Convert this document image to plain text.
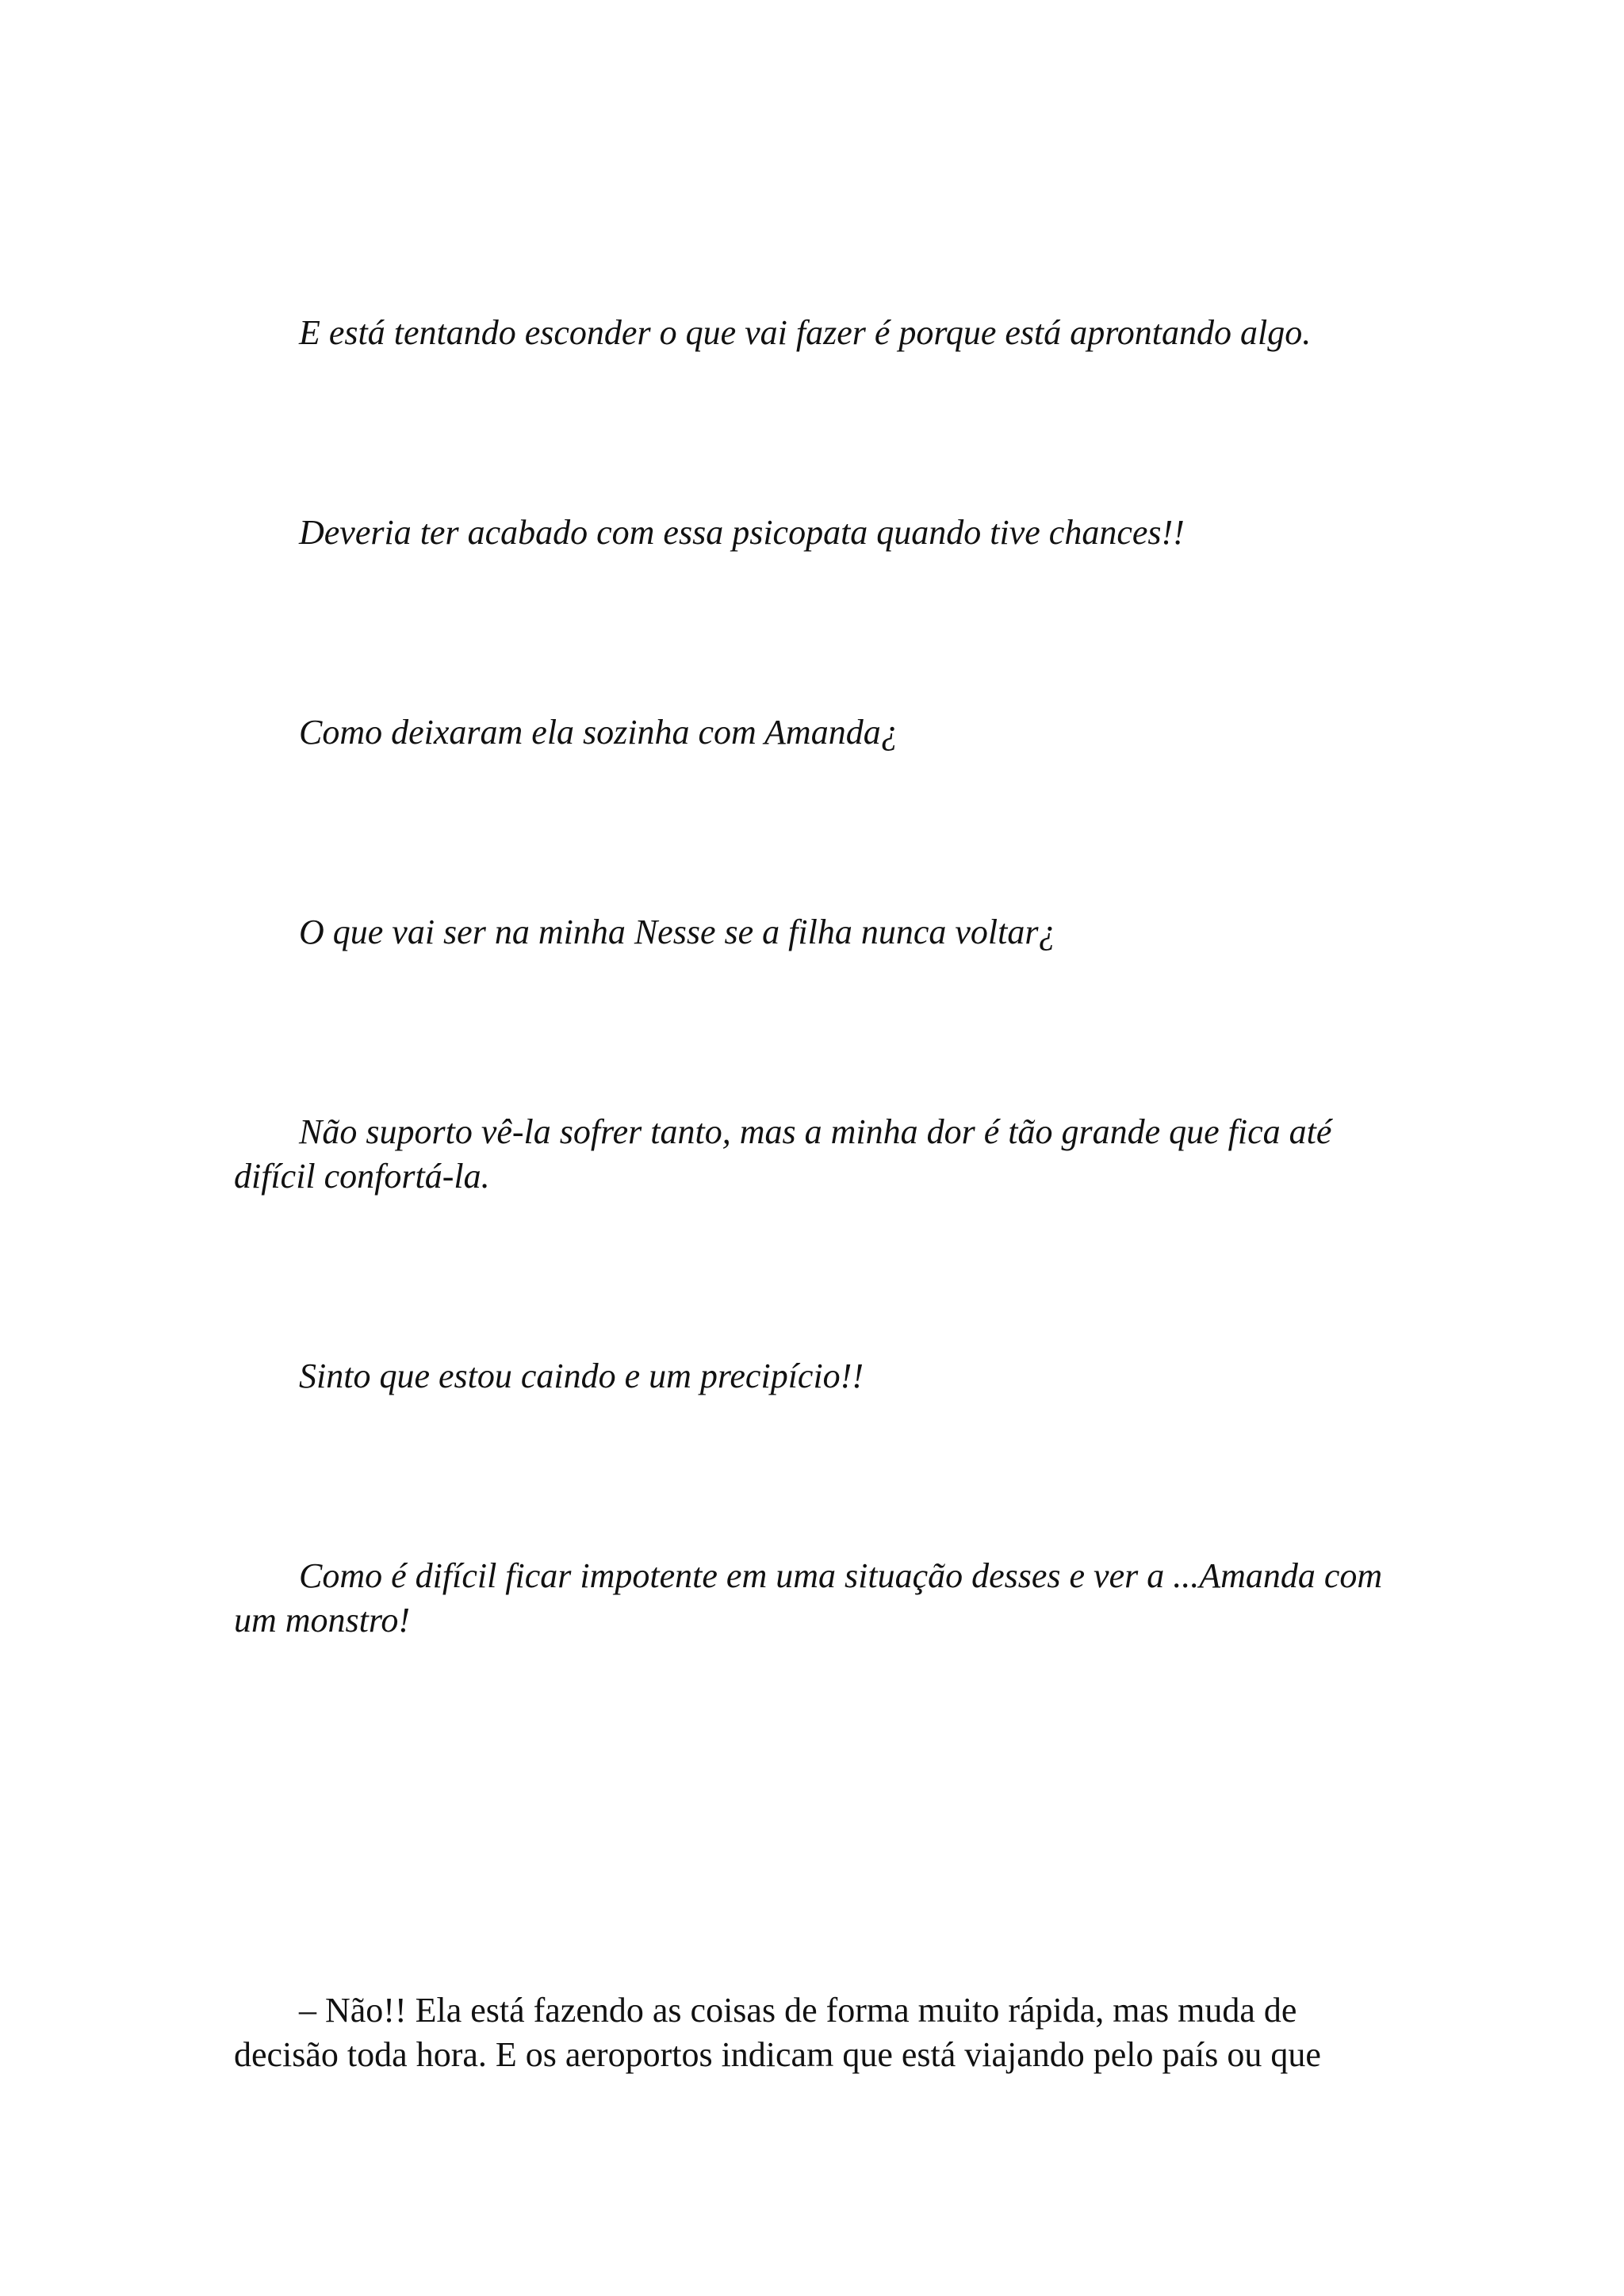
E está tentando esconder o que vai fazer é porque está aprontando algo.

Deveria ter acabado com essa psicopata quando tive chances!!

Como deixaram ela sozinha com Amanda¿

O que vai ser na minha Nesse se a filha nunca voltar¿

Não suporto vê-la sofrer tanto, mas a minha dor é tão grande que fica até difícil confortá-la.

Sinto que estou caindo e um precipício!!

Como é difícil ficar impotente em uma situação desses e ver a ...Amanda com um monstro!

– Não!! Ela está fazendo as coisas de forma muito rápida, mas muda de decisão toda hora. E os aeroportos indicam que está viajando pelo país ou que
